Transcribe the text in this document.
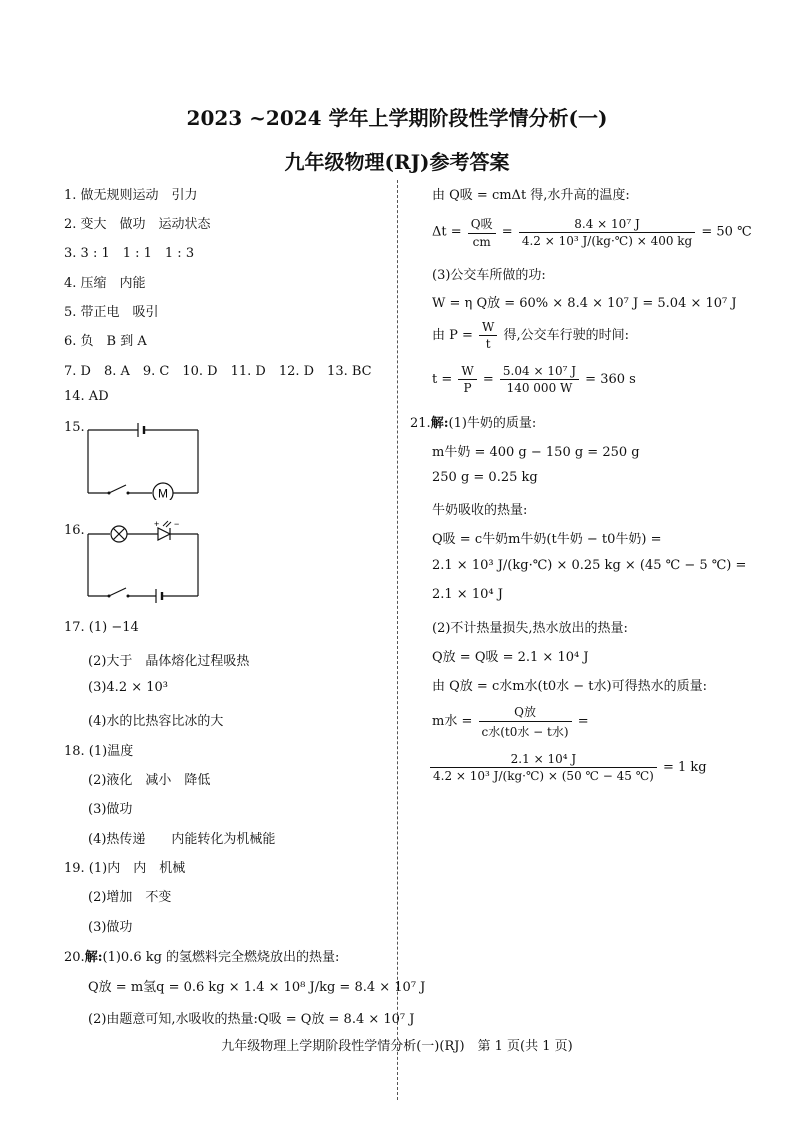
2023 ~2024 学年上学期阶段性学情分析(一)
九年级物理(RJ)参考答案
1. 做无规则运动　引力
2. 变大　做功　运动状态
3. 3 : 1　1 : 1　1 : 3
4. 压缩　内能
5. 带正电　吸引
6. 负　B 到 A
7. D　8. A　9. C　10. D　11. D　12. D　13. BC
14. AD
15.
M
16.	+ −
17. (1) −14
(2)大于　晶体熔化过程吸热
(3)4.2 × 10³
(4)水的比热容比冰的大
18. (1)温度
(2)液化　减小　降低
(3)做功
(4)热传递　　内能转化为机械能
19. (1)内　内　机械
(2)增加　不变
(3)做功
20.解:(1)0.6 kg 的氢燃料完全燃烧放出的热量:
Q放 = m氢q = 0.6 kg × 1.4 × 10⁸ J/kg = 8.4 × 10⁷ J
(2)由题意可知,水吸收的热量:Q吸 = Q放 = 8.4 × 10⁷ J
由 Q吸 = cmΔt 得,水升高的温度:
$\Delta t = \frac{\text{Q吸}}{cm} = \frac{\text{8.4 × 10⁷ J}}{\text{4.2 × 10³ J/(kg·℃) × 400 kg}} = 50$ ℃
(3)公交车所做的功:
W = η Q放 = 60% × 8.4 × 10⁷ J = 5.04 × 10⁷ J
由 $P = \frac{W}{t}$ 得,公交车行驶的时间:
$t = \frac{W}{P} = \frac{\text{5.04 × 10⁷ J}}{140 000 W} = 360$ s
21.解:(1)牛奶的质量:
m牛奶 = 400 g − 150 g = 250 g
250 g = 0.25 kg
牛奶吸收的热量:
Q吸 = c牛奶m牛奶(t牛奶 − t0牛奶) =
2.1 × 10³ J/(kg·℃) × 0.25 kg × (45 ℃ − 5 ℃) =
2.1 × 10⁴ J
(2)不计热量损失,热水放出的热量:
Q放 = Q吸 = 2.1 × 10⁴ J
由 Q放 = c水m水(t0水 − t水)可得热水的质量:
m水 = $\frac{\text{Q放}}{\text{c水(t0水 − t水)}}$ =
$\frac{\text{2.1 × 10⁴ J}}{\text{4.2 × 10³ J/(kg·℃) × (50 ℃ − 45 ℃)}} = 1$ kg
九年级物理上学期阶段性学情分析(一)(RJ)　第 1 页(共 1 页)
